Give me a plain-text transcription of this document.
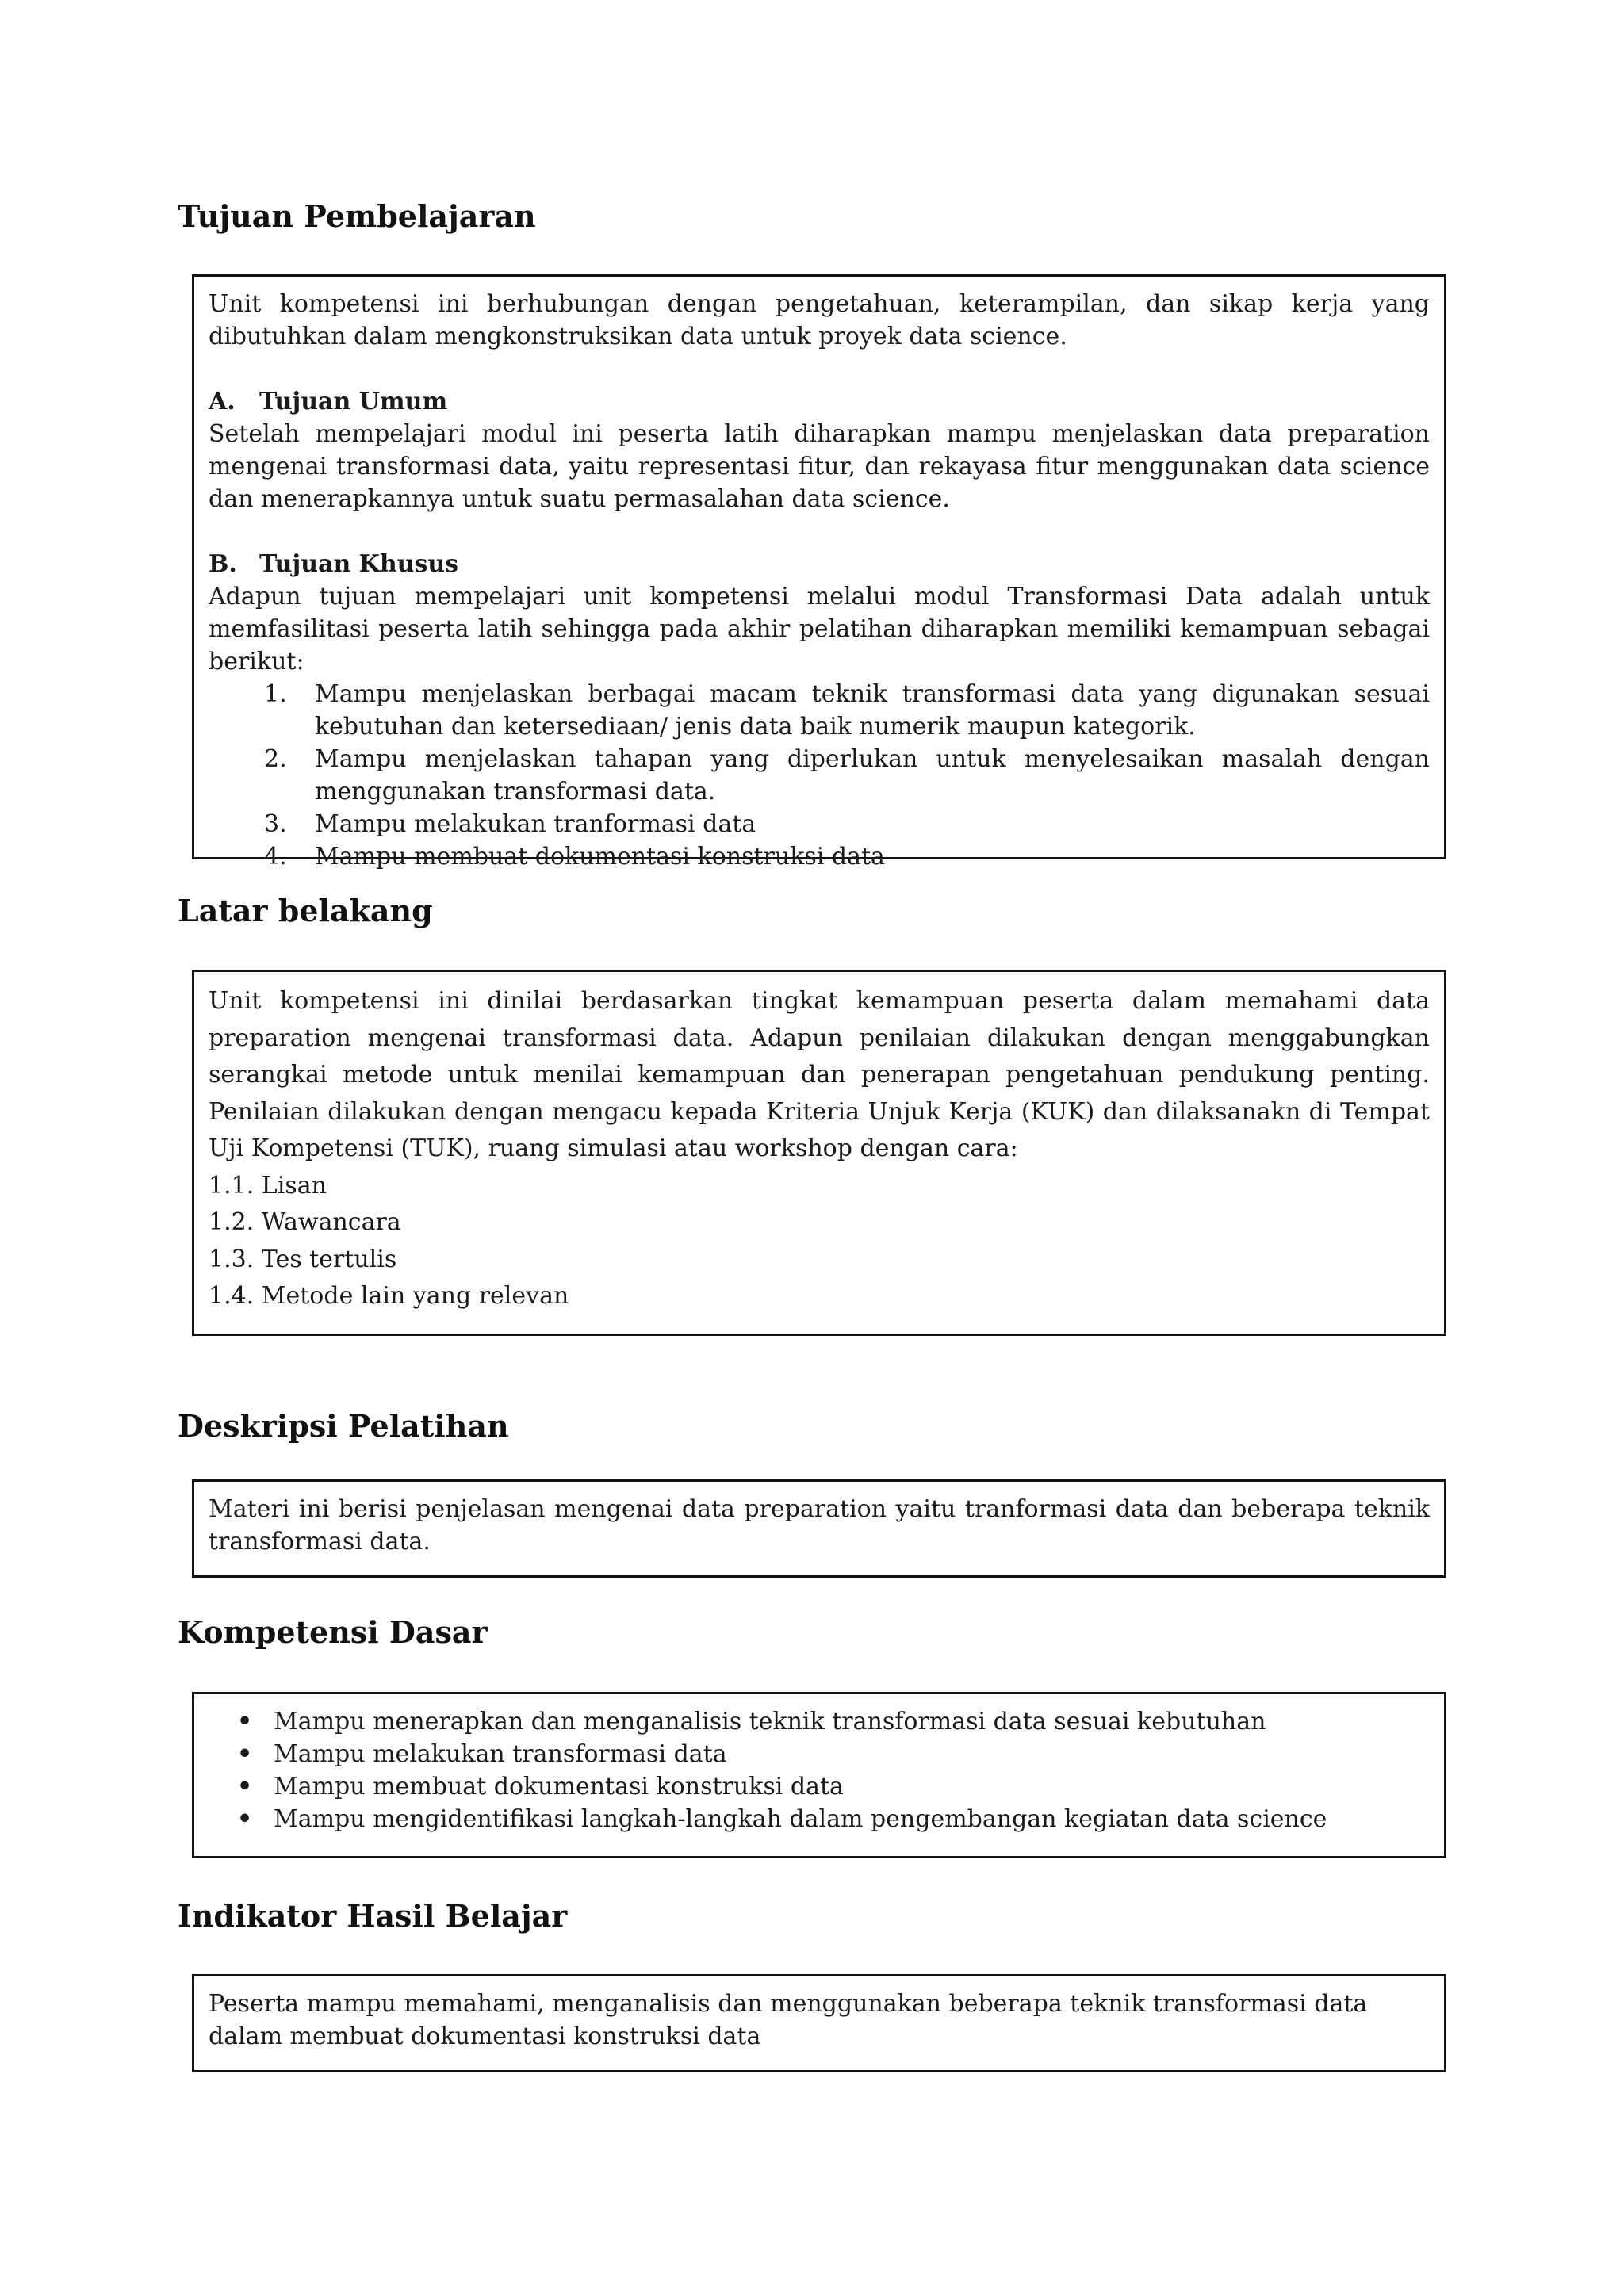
Tujuan Pembelajaran

Unit kompetensi ini berhubungan dengan pengetahuan, keterampilan, dan sikap kerja yang dibutuhkan dalam mengkonstruksikan data untuk proyek data science.

A. Tujuan Umum

Setelah mempelajari modul ini peserta latih diharapkan mampu menjelaskan data preparation mengenai transformasi data, yaitu representasi fitur, dan rekayasa fitur menggunakan data science dan menerapkannya untuk suatu permasalahan data science.

B. Tujuan Khusus

Adapun tujuan mempelajari unit kompetensi melalui modul Transformasi Data adalah untuk memfasilitasi peserta latih sehingga pada akhir pelatihan diharapkan memiliki kemampuan sebagai berikut:

1. Mampu menjelaskan berbagai macam teknik transformasi data yang digunakan sesuai kebutuhan dan ketersediaan/ jenis data baik numerik maupun kategorik.
2. Mampu menjelaskan tahapan yang diperlukan untuk menyelesaikan masalah dengan menggunakan transformasi data.
3. Mampu melakukan tranformasi data
4. Mampu membuat dokumentasi konstruksi data
Latar belakang

Unit kompetensi ini dinilai berdasarkan tingkat kemampuan peserta dalam memahami data preparation mengenai transformasi data. Adapun penilaian dilakukan dengan menggabungkan serangkai metode untuk menilai kemampuan dan penerapan pengetahuan pendukung penting. Penilaian dilakukan dengan mengacu kepada Kriteria Unjuk Kerja (KUK) dan dilaksanakn di Tempat Uji Kompetensi (TUK), ruang simulasi atau workshop dengan cara:

1.1. Lisan
1.2. Wawancara
1.3. Tes tertulis
1.4. Metode lain yang relevan
Deskripsi Pelatihan

Materi ini berisi penjelasan mengenai data preparation yaitu tranformasi data dan beberapa teknik transformasi data.

Kompetensi Dasar
• Mampu menerapkan dan menganalisis teknik transformasi data sesuai kebutuhan
• Mampu melakukan transformasi data
• Mampu membuat dokumentasi konstruksi data
• Mampu mengidentifikasi langkah-langkah dalam pengembangan kegiatan data science
Indikator Hasil Belajar

Peserta mampu memahami, menganalisis dan menggunakan beberapa teknik transformasi data dalam membuat dokumentasi konstruksi data
